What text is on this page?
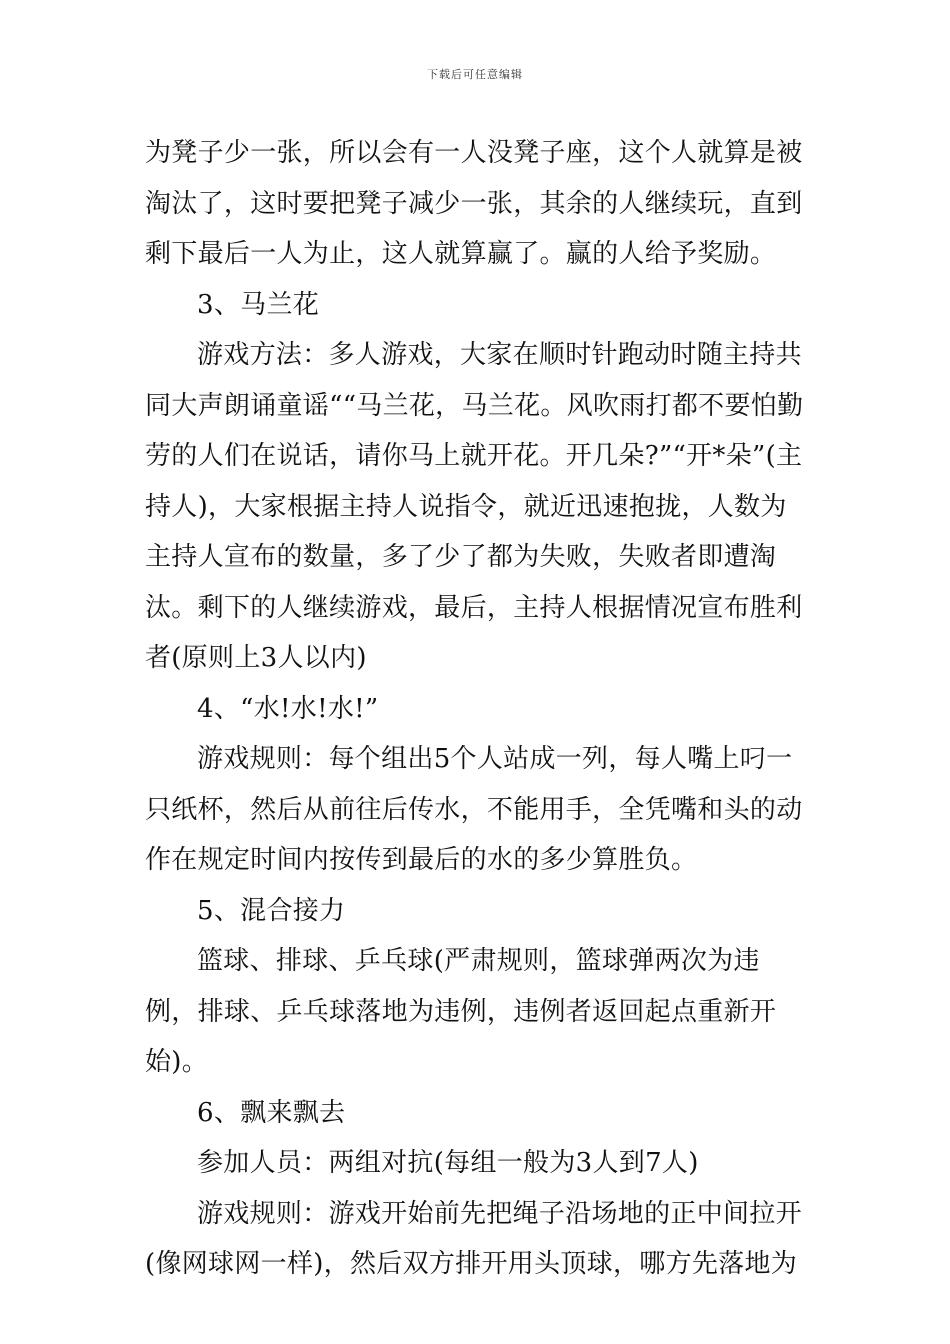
下载后可任意编辑

为凳子少一张，所以会有一人没凳子座，这个人就算是被淘汰了，这时要把凳子减少一张，其余的人继续玩，直到剩下最后一人为止，这人就算赢了。赢的人给予奖励。

3、马兰花

游戏方法：多人游戏，大家在顺时针跑动时随主持共同大声朗诵童谣““马兰花，马兰花。风吹雨打都不要怕勤劳的人们在说话，请你马上就开花。开几朵?”“开*朵”(主持人)，大家根据主持人说指令，就近迅速抱拢，人数为主持人宣布的数量，多了少了都为失败，失败者即遭淘汰。剩下的人继续游戏，最后，主持人根据情况宣布胜利者(原则上3人以内)

4、“水!水!水!”

游戏规则：每个组出5个人站成一列，每人嘴上叼一只纸杯，然后从前往后传水，不能用手，全凭嘴和头的动作在规定时间内按传到最后的水的多少算胜负。

5、混合接力

篮球、排球、乒乓球(严肃规则，篮球弹两次为违例，排球、乒乓球落地为违例，违例者返回起点重新开始)。

6、飘来飘去

参加人员：两组对抗(每组一般为3人到7人)

游戏规则：游戏开始前先把绳子沿场地的正中间拉开(像网球网一样)，然后双方排开用头顶球，哪方先落地为
